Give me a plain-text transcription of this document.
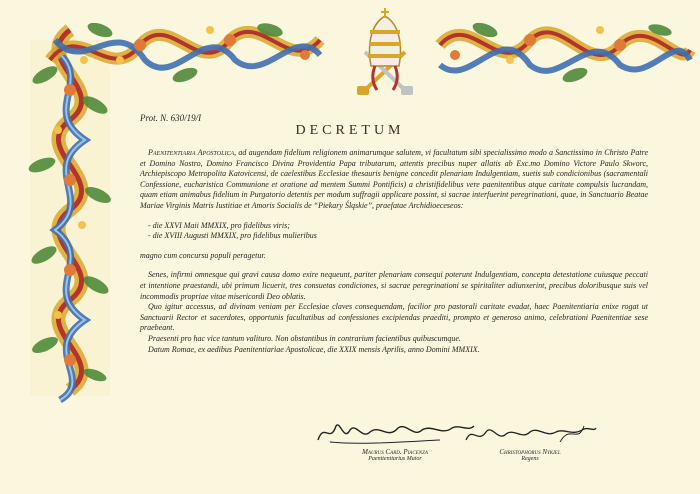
Prot. N. 630/19/I
DECRETUM

Paenitentiaria Apostolica, ad augendam fidelium religionem animarumque salutem, vi facultatum sibi specialissimo modo a Sanctissimo in Christo Patre et Domino Nostro, Domino Francisco Divina Providentia Papa tributarum, attentis precibus nuper allatis ab Exc.mo Domino Victore Paulo Skworc, Archiepiscopo Metropolita Katovicensi, de caelestibus Ecclesiae thesauris benigne concedit plenariam Indulgentiam, suetis sub condicionibus (sacramentali Confessione, eucharistica Communione et oratione ad mentem Summi Pontificis) a christifidelibus vere paenitentibus atque caritate compulsis lucrandam, quam etiam animabus fidelium in Purgatorio detentis per modum suffragii applicare possint, si sacrae interfuerint peregrinationi, quae, in Sanctuario Beatae Mariae Virginis Matris Iustitiae et Amoris Socialis de “Piekary Śląskie”, praefatae Archidioeceseos:

- die XXVI Maii MMXIX, pro fidelibus viris;
- die XVIII Augusti MMXIX, pro fidelibus mulieribus

magno cum concursu populi peragetur.

Senes, infirmi omnesque qui gravi causa domo exire nequeunt, pariter plenariam consequi poterunt Indulgentiam, concepta detestatione cuiusque peccati et intentione praestandi, ubi primum licuerit, tres consuetas condiciones, si sacrae peregrinationi se spiritaliter adiunxerint, precibus doloribusque suis vel incommodis propriae vitae misericordi Deo oblatis.

Quo igitur accessus, ad divinam veniam per Ecclesiae claves consequendam, facilior pro pastorali caritate evadat, haec Paenitentiaria enixe rogat ut Sanctuarii Rector et sacerdotes, opportunis facultatibus ad confessiones excipiendas praediti, prompto et generoso animo, celebrationi Paenitentiae sese praebeant.

Praesenti pro hac vice tantum valituro. Non obstantibus in contrarium facientibus quibuscumque.

Datum Romae, ex aedibus Paenitentiariae Apostolicae, die XXIX mensis Aprilis, anno Domini MMXIX.

Maurus Card. Piacenza
Paenitentiarius Maior
Christophorus Nykiel
Regens
